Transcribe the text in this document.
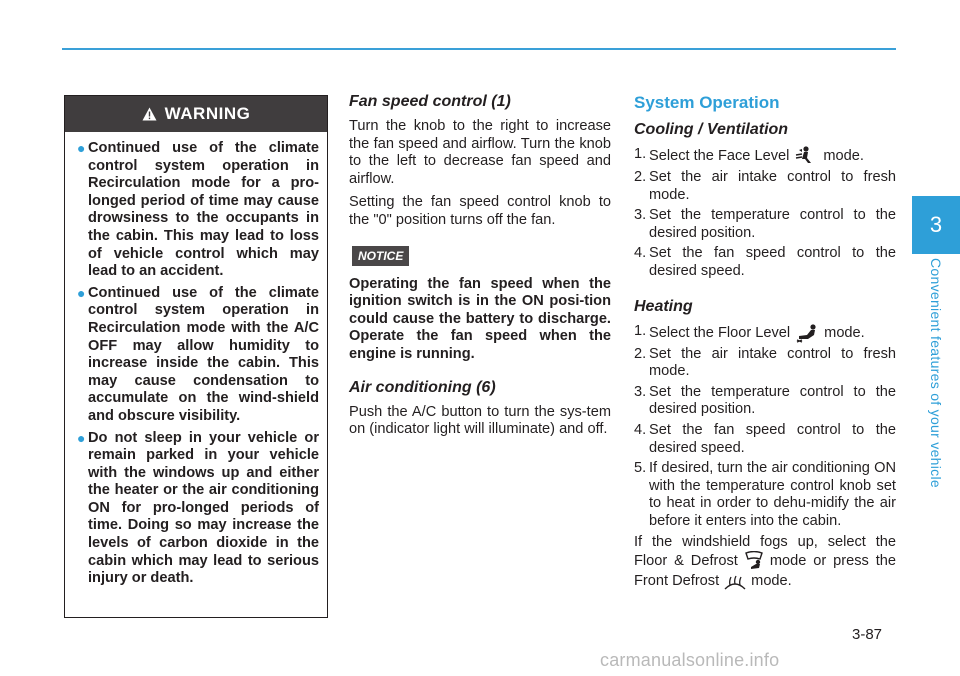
3
Convenient features of your vehicle
WARNING
● Continued use of the climate control system operation in Recirculation mode for a pro-longed period of time may cause drowsiness to the occupants in the cabin. This may lead to loss of vehicle control which may lead to an accident.
● Continued use of the climate control system operation in Recirculation mode with the A/C OFF may allow humidity to increase inside the cabin. This may cause condensation to accumulate on the wind-shield and obscure visibility.
● Do not sleep in your vehicle or remain parked in your vehicle with the windows up and either the heater or the air conditioning ON for pro-longed periods of time. Doing so may increase the levels of carbon dioxide in the cabin which may lead to serious injury or death.
Fan speed control (1)

Turn the knob to the right to increase the fan speed and airflow. Turn the knob to the left to decrease fan speed and airflow.

Setting the fan speed control knob to the "0" position turns off the fan.

NOTICE

Operating the fan speed when the ignition switch is in the ON posi-tion could cause the battery to discharge. Operate the fan speed when the engine is running.

Air conditioning (6)

Push the A/C button to turn the sys-tem on (indicator light will illuminate) and off.

System Operation
Cooling / Ventilation
1. Select the Face Level mode.
2. Set the air intake control to fresh mode.
3. Set the temperature control to the desired position.
4. Set the fan speed control to the desired speed.
Heating
1. Select the Floor Level mode.
2. Set the air intake control to fresh mode.
3. Set the temperature control to the desired position.
4. Set the fan speed control to the desired speed.
5. If desired, turn the air conditioning ON with the temperature control knob set to heat in order to dehu-midify the air before it enters into the cabin.

If the windshield fogs up, select the Floor & Defrost mode or press the Front Defrost mode.

3-87
carmanualsonline.info
